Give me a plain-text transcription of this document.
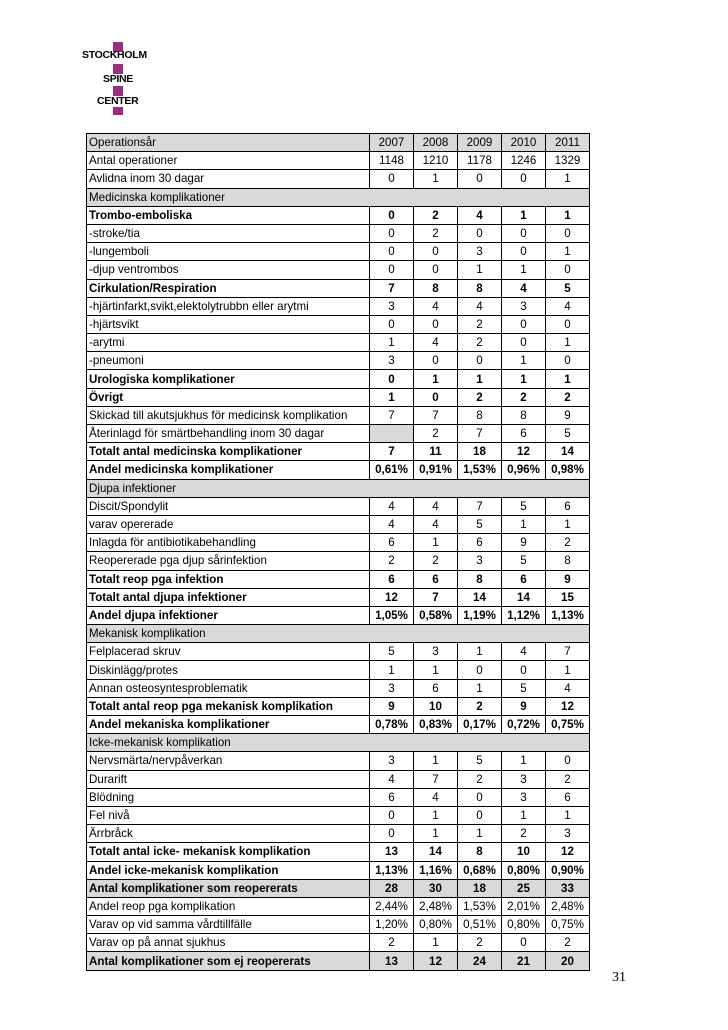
STOCKHOLM
SPINE
CENTER
Operationsår	2007	2008	2009	2010	2011
Antal operationer	1148	1210	1178	1246	1329
Avlidna inom 30 dagar	0	1	0	0	1
Medicinska komplikationer					
Trombo-emboliska	0	2	4	1	1
-stroke/tia	0	2	0	0	0
-lungemboli	0	0	3	0	1
-djup ventrombos	0	0	1	1	0
Cirkulation/Respiration	7	8	8	4	5
-hjärtinfarkt,svikt,elektolytrubbn eller arytmi	3	4	4	3	4
-hjärtsvikt	0	0	2	0	0
-arytmi	1	4	2	0	1
-pneumoni	3	0	0	1	0
Urologiska komplikationer	0	1	1	1	1
Övrigt	1	0	2	2	2
Skickad till akutsjukhus för medicinsk komplikation	7	7	8	8	9
Återinlagd för smärtbehandling inom 30 dagar		2	7	6	5
Totalt antal medicinska komplikationer	7	11	18	12	14
Andel medicinska komplikationer	0,61%	0,91%	1,53%	0,96%	0,98%
Djupa infektioner					
Discit/Spondylit	4	4	7	5	6
varav opererade	4	4	5	1	1
Inlagda för antibiotikabehandling	6	1	6	9	2
Reopererade pga djup sårinfektion	2	2	3	5	8
Totalt reop pga infektion	6	6	8	6	9
Totalt antal djupa infektioner	12	7	14	14	15
Andel djupa infektioner	1,05%	0,58%	1,19%	1,12%	1,13%
Mekanisk komplikation					
Felplacerad skruv	5	3	1	4	7
Diskinlägg/protes	1	1	0	0	1
Annan osteosyntesproblematik	3	6	1	5	4
Totalt antal reop pga mekanisk komplikation	9	10	2	9	12
Andel mekaniska komplikationer	0,78%	0,83%	0,17%	0,72%	0,75%
Icke-mekanisk komplikation					
Nervsmärta/nervpåverkan	3	1	5	1	0
Durarift	4	7	2	3	2
Blödning	6	4	0	3	6
Fel nivå	0	1	0	1	1
Ärrbråck	0	1	1	2	3
Totalt antal icke- mekanisk komplikation	13	14	8	10	12
Andel icke-mekanisk komplikation	1,13%	1,16%	0,68%	0,80%	0,90%
Antal komplikationer som reopererats	28	30	18	25	33
Andel reop pga komplikation	2,44%	2,48%	1,53%	2,01%	2,48%
Varav op vid samma vårdtillfälle	1,20%	0,80%	0,51%	0,80%	0,75%
Varav op på annat sjukhus	2	1	2	0	2
Antal komplikationer som ej reopererats	13	12	24	21	20
31
